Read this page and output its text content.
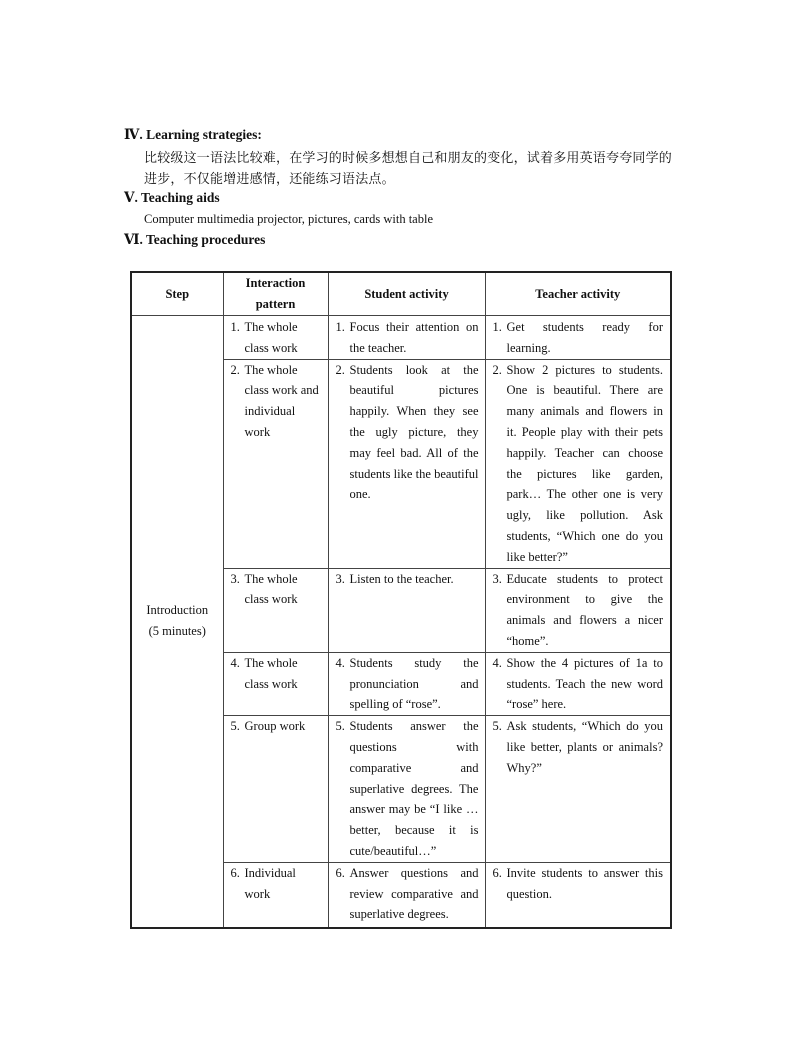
Ⅳ. Learning strategies:
比较级这一语法比较难，在学习的时候多想想自己和朋友的变化，试着多用英语夸夸同学的进步，不仅能增进感情，还能练习语法点。
Ⅴ. Teaching aids
Computer multimedia projector, pictures, cards with table
Ⅵ. Teaching procedures
Step	Interaction pattern	Student activity	Teacher activity

Introduction (5 minutes)	1. The whole class work	1. Focus their attention on the teacher.	1. Get students ready for learning.

	2. The whole class work and individual work	2. Students look at the beautiful pictures happily. When they see the ugly picture, they may feel bad. All of the students like the beautiful one.	2. Show 2 pictures to students. One is beautiful. There are many animals and flowers in it. People play with their pets happily. Teacher can choose the pictures like garden, park… The other one is very ugly, like pollution. Ask students, “Which one do you like better?”

	3. The whole class work	3. Listen to the teacher.	3. Educate students to protect environment to give the animals and flowers a nicer “home”.

	4. The whole class work	4. Students study the pronunciation and spelling of “rose”.	4. Show the 4 pictures of 1a to students. Teach the new word “rose” here.

	5. Group work	5. Students answer the questions with comparative and superlative degrees. The answer may be “I like … better, because it is cute/beautiful…”	5. Ask students, “Which do you like better, plants or animals? Why?”

	6. Individual work	6. Answer questions and review comparative and superlative degrees.	6. Invite students to answer this question.
